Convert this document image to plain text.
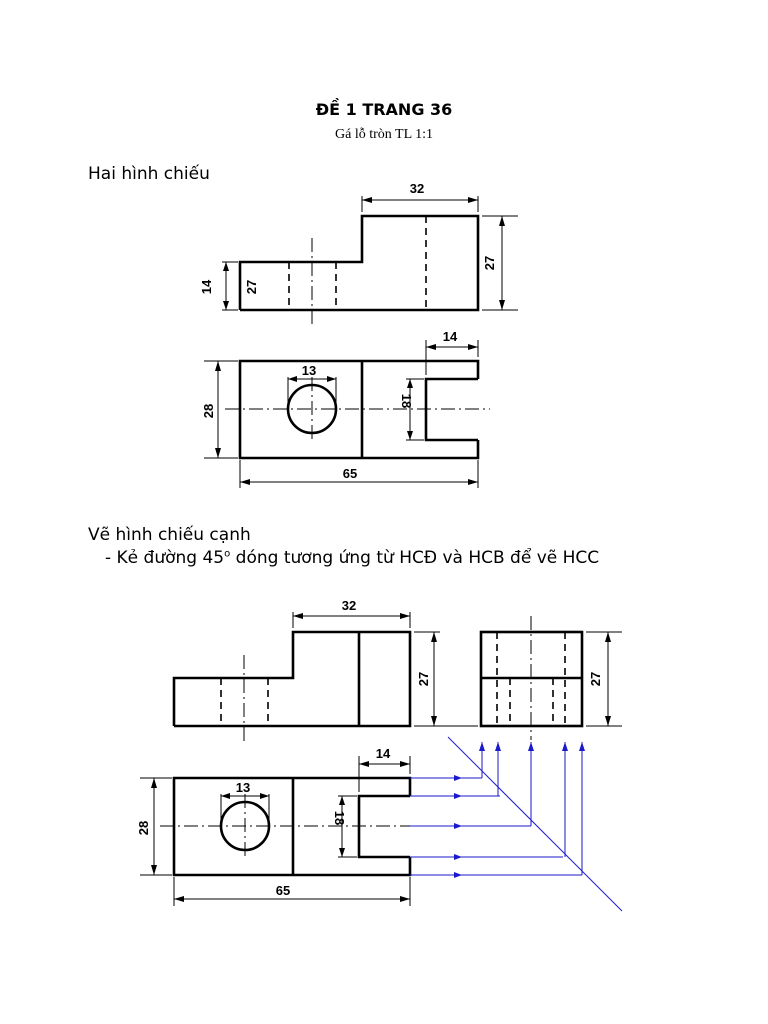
ĐỀ 1 TRANG 36
Gá lỗ tròn TL 1:1
Hai hình chiếu
Vẽ hình chiếu cạnh
- Kẻ đường 45$^o$ dóng tương ứng từ HCĐ và HCB để vẽ HCC
32
27
14 27
14
13
18
28
65
32
27	27
14
13
18
28
65
